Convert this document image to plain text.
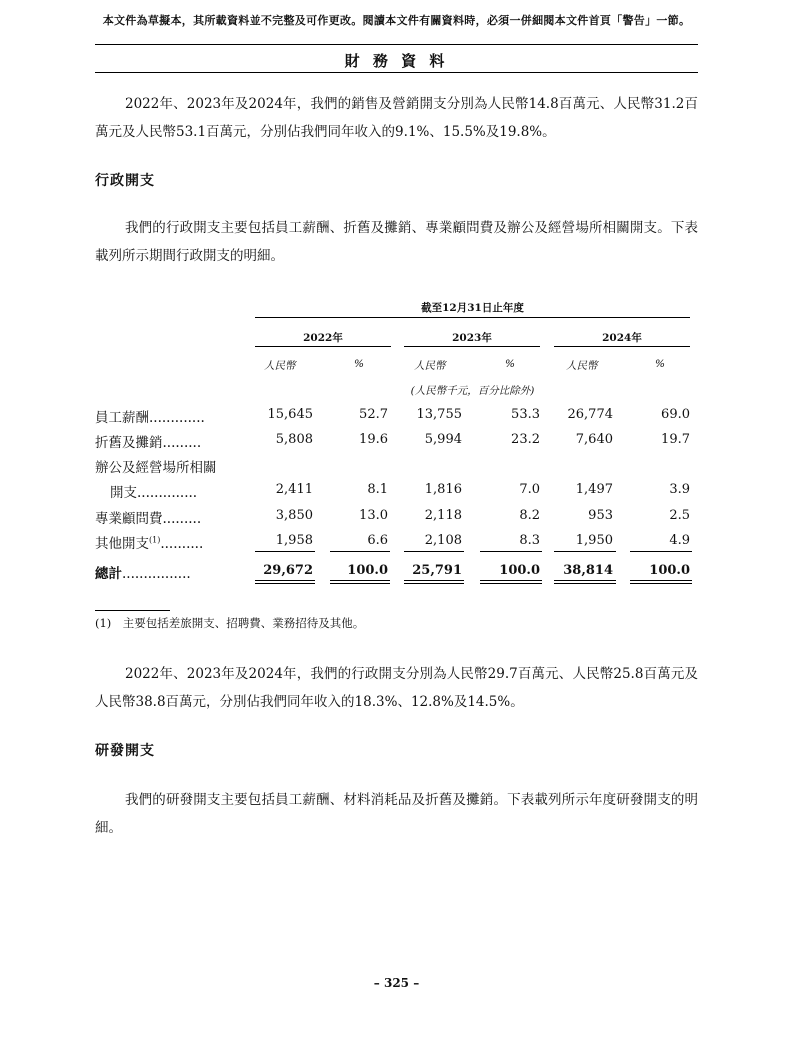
本文件為草擬本，其所載資料並不完整及可作更改。閱讀本文件有關資料時，必須一併細閱本文件首頁「警告」一節。
財 務 資 料
2022年、2023年及2024年，我們的銷售及營銷開支分別為人民幣14.8百萬元、人民幣31.2百萬元及人民幣53.1百萬元，分別佔我們同年收入的9.1%、15.5%及19.8%。
行政開支
我們的行政開支主要包括員工薪酬、折舊及攤銷、專業顧問費及辦公及經營場所相關開支。下表載列所示期間行政開支的明細。
截至12月31日止年度
2022年	2023年	2024年
人民幣	%	人民幣	%	人民幣	%
(人民幣千元，百分比除外)
員工薪酬.............	15,645	52.7	13,755	53.3	26,774	69.0
折舊及攤銷.........	5,808	19.6	5,994	23.2	7,640	19.7
辦公及經營場所相關
開支..............	2,411	8.1	1,816	7.0	1,497	3.9
專業顧問費.........	3,850	13.0	2,118	8.2	953	2.5
其他開支$^{(1)}$..........	1,958	6.6	2,108	8.3	1,950	4.9
總計................	29,672	100.0	25,791	100.0	38,814	100.0
(1)　主要包括差旅開支、招聘費、業務招待及其他。
2022年、2023年及2024年，我們的行政開支分別為人民幣29.7百萬元、人民幣25.8百萬元及人民幣38.8百萬元，分別佔我們同年收入的18.3%、12.8%及14.5%。
研發開支
我們的研發開支主要包括員工薪酬、材料消耗品及折舊及攤銷。下表載列所示年度研發開支的明細。
– 325 –
